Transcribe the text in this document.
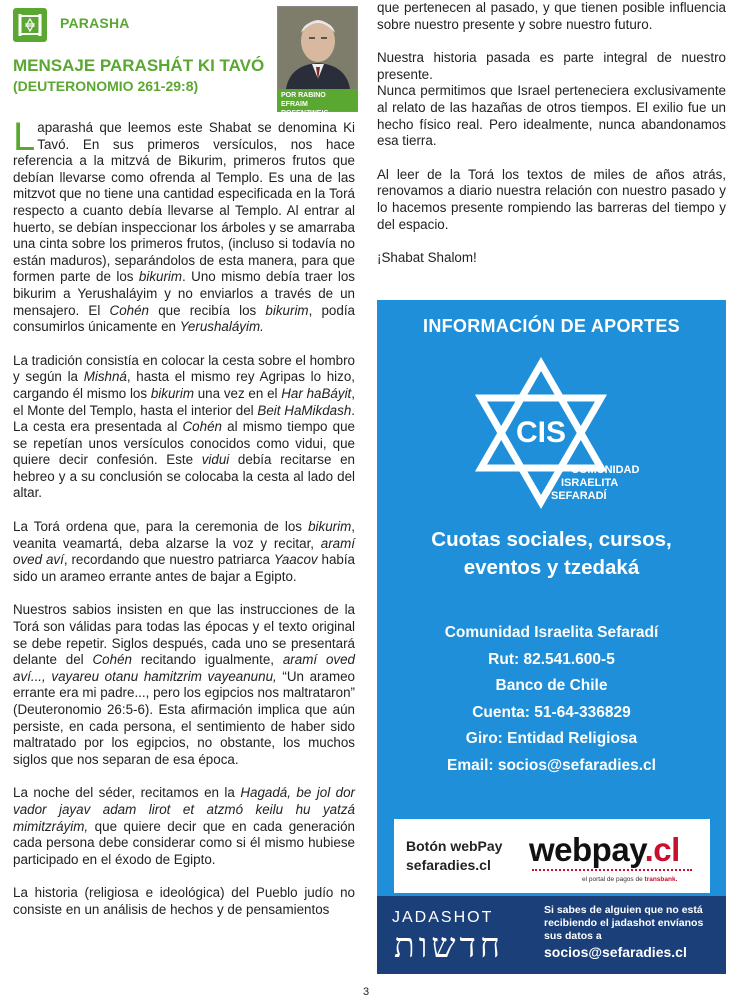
PARASHA
MENSAJE PARASHÁT KI TAVÓ
(DEUTERONOMIO 261-29:8)
POR RABINO
EFRAIM ROSENZWEIG

Laparashá que leemos este Shabat se denomina Ki Tavó. En sus primeros versículos, nos hace referencia a la mitzvá de Bikurim, primeros frutos que debían llevarse como ofrenda al Templo. Es una de las mitzvot que no tiene una cantidad especificada en la Torá respecto a cuanto debía llevarse al Templo. Al entrar al huerto, se debían inspeccionar los árboles y se amarraba una cinta sobre los primeros frutos, (incluso si todavía no están maduros), separándolos de esta manera, para que formen parte de los bikurim. Uno mismo debía traer los bikurim a Yerushaláyim y no enviarlos a través de un mensajero. El Cohén que recibía los bikurim, podía consumirlos únicamente en Yerushaláyim.

La tradición consistía en colocar la cesta sobre el hombro y según la Mishná, hasta el mismo rey Agripas lo hizo, cargando él mismo los bikurim una vez en el Har haBáyit, el Monte del Templo, hasta el interior del Beit HaMikdash. La cesta era presentada al Cohén al mismo tiempo que se repetían unos versículos conocidos como vidui, que quiere decir confesión. Este vidui debía recitarse en hebreo y a su conclusión se colocaba la cesta al lado del altar.

La Torá ordena que, para la ceremonia de los bikurim, veanita veamartá, deba alzarse la voz y recitar, aramí oved aví, recordando que nuestro patriarca Yaacov había sido un arameo errante antes de bajar a Egipto.

Nuestros sabios insisten en que las instrucciones de la Torá son válidas para todas las épocas y el texto original se debe repetir. Siglos después, cada uno se presentará delante del Cohén recitando igualmente, aramí oved aví..., vayareu otanu hamitzrim vayeanunu, “Un arameo errante era mi padre..., pero los egipcios nos maltrataron” (Deuteronomio 26:5-6). Esta afirmación implica que aún persiste, en cada persona, el sentimiento de haber sido maltratado por los egipcios, no obstante, los muchos siglos que nos separan de esa época.

La noche del séder, recitamos en la Hagadá, be jol dor vador jayav adam lirot et atzmó keilu hu yatzá mimitzráyim, que quiere decir que en cada generación cada persona debe considerar como si él mismo hubiese participado en el éxodo de Egipto.

La historia (religiosa e ideológica) del Pueblo judío no consiste en un análisis de hechos y de pensamientos

que pertenecen al pasado, y que tienen posible influencia sobre nuestro presente y sobre nuestro futuro.

Nuestra historia pasada es parte integral de nuestro presente.
Nunca permitimos que Israel perteneciera exclusivamente al relato de las hazañas de otros tiempos. El exilio fue un hecho físico real. Pero idealmente, nunca abandonamos esa tierra.

Al leer de la Torá los textos de miles de años atrás, renovamos a diario nuestra relación con nuestro pasado y lo hacemos presente rompiendo las barreras del tiempo y del espacio.

¡Shabat Shalom!

INFORMACIÓN DE APORTES
CIS
COMUNIDAD
ISRAELITA
SEFARADÍ
Cuotas sociales, cursos,
eventos y tzedaká
Comunidad Israelita Sefaradí
Rut: 82.541.600-5
Banco de Chile
Cuenta: 51-64-336829
Giro: Entidad Religiosa
Email: socios@sefaradies.cl
Botón webPay
sefaradies.cl	webpay.cl
el portal de pagos de transbank.
JADASHOT
חדשות
Si sabes de alguien que no está recibiendo el jadashot envíanos sus datos a
socios@sefaradies.cl
3
